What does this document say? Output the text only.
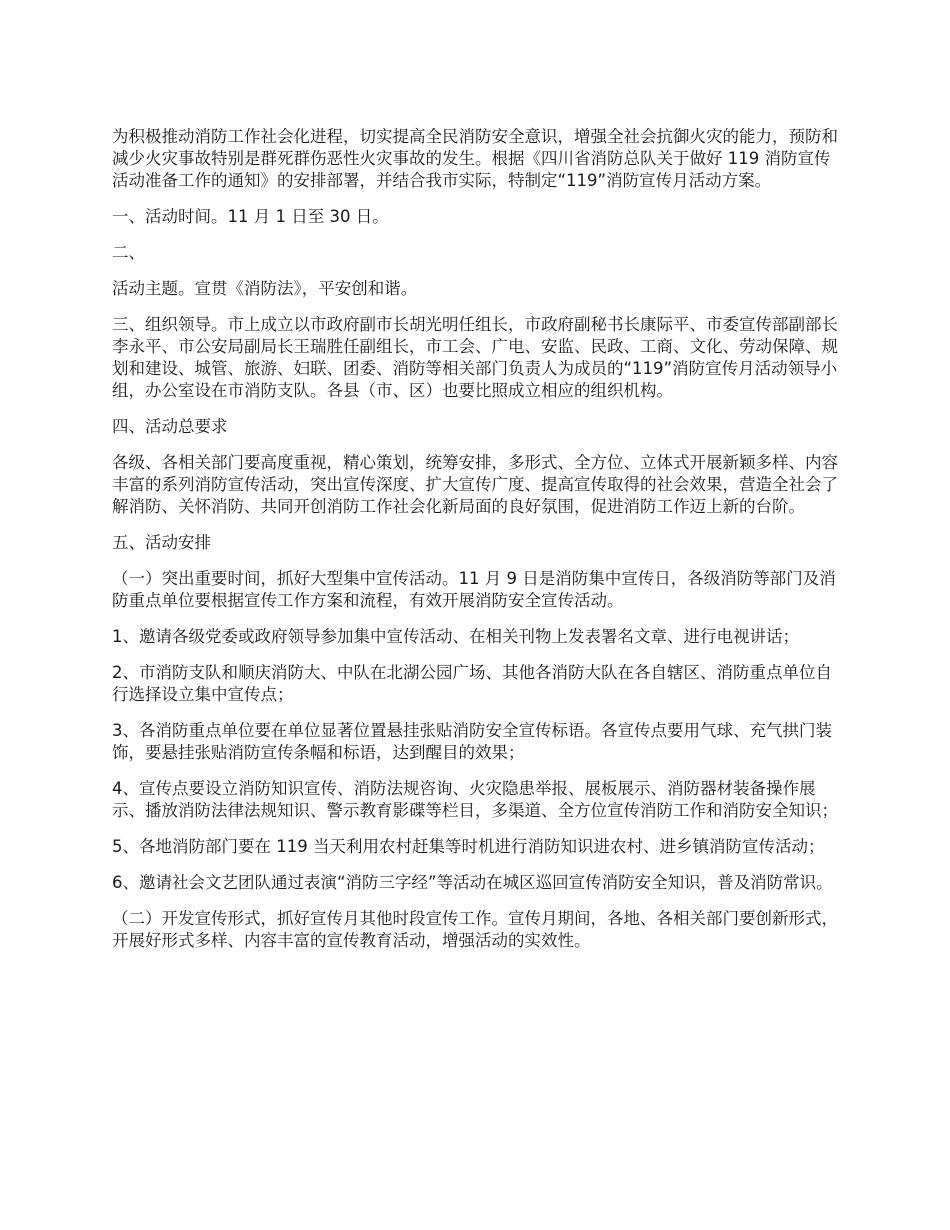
为积极推动消防工作社会化进程，切实提高全民消防安全意识，增强全社会抗御火灾的能力，预防和减少火灾事故特别是群死群伤恶性火灾事故的发生。根据《四川省消防总队关于做好 119 消防宣传活动准备工作的通知》的安排部署，并结合我市实际，特制定“119”消防宣传月活动方案。

一、活动时间。11 月 1 日至 30 日。

二、

活动主题。宣贯《消防法》，平安创和谐。

三、组织领导。市上成立以市政府副市长胡光明任组长，市政府副秘书长康际平、市委宣传部副部长李永平、市公安局副局长王瑞胜任副组长，市工会、广电、安监、民政、工商、文化、劳动保障、规划和建设、城管、旅游、妇联、团委、消防等相关部门负责人为成员的“119”消防宣传月活动领导小组，办公室设在市消防支队。各县（市、区）也要比照成立相应的组织机构。

四、活动总要求

各级、各相关部门要高度重视，精心策划，统筹安排，多形式、全方位、立体式开展新颖多样、内容丰富的系列消防宣传活动，突出宣传深度、扩大宣传广度、提高宣传取得的社会效果，营造全社会了解消防、关怀消防、共同开创消防工作社会化新局面的良好氛围，促进消防工作迈上新的台阶。

五、活动安排

（一）突出重要时间，抓好大型集中宣传活动。11 月 9 日是消防集中宣传日，各级消防等部门及消防重点单位要根据宣传工作方案和流程，有效开展消防安全宣传活动。

1、邀请各级党委或政府领导参加集中宣传活动、在相关刊物上发表署名文章、进行电视讲话；

2、市消防支队和顺庆消防大、中队在北湖公园广场、其他各消防大队在各自辖区、消防重点单位自行选择设立集中宣传点；

3、各消防重点单位要在单位显著位置悬挂张贴消防安全宣传标语。各宣传点要用气球、充气拱门装饰，要悬挂张贴消防宣传条幅和标语，达到醒目的效果；

4、宣传点要设立消防知识宣传、消防法规咨询、火灾隐患举报、展板展示、消防器材装备操作展示、播放消防法律法规知识、警示教育影碟等栏目，多渠道、全方位宣传消防工作和消防安全知识；

5、各地消防部门要在 119 当天利用农村赶集等时机进行消防知识进农村、进乡镇消防宣传活动；

6、邀请社会文艺团队通过表演“消防三字经”等活动在城区巡回宣传消防安全知识，普及消防常识。

（二）开发宣传形式，抓好宣传月其他时段宣传工作。宣传月期间，各地、各相关部门要创新形式，开展好形式多样、内容丰富的宣传教育活动，增强活动的实效性。
